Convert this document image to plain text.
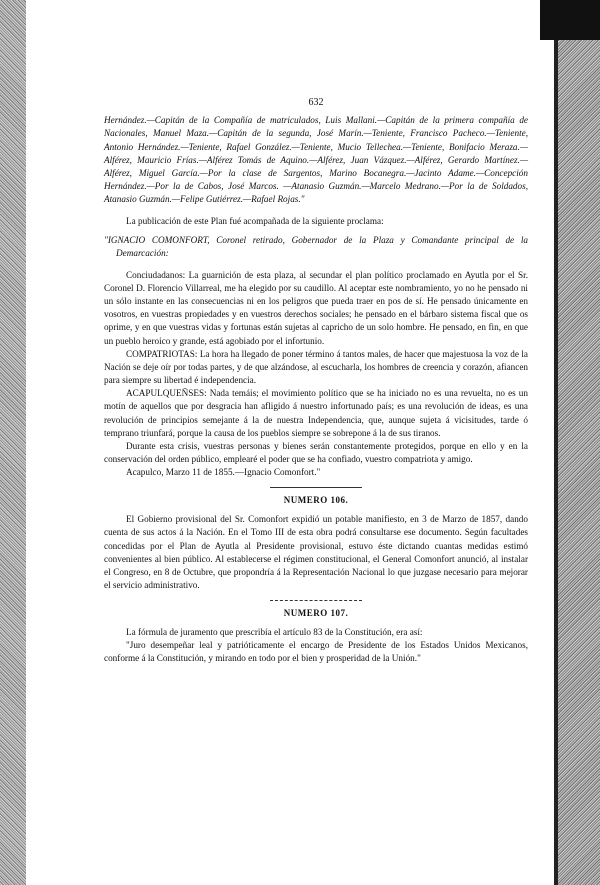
632

Hernández.—Capitán de la Compañía de matriculados, Luis Mallani.—Capitán de la primera compañía de Nacionales, Manuel Maza.—Capitán de la segunda, José Marín.—Teniente, Francisco Pacheco.—Teniente, Antonio Hernández.—Teniente, Rafael González.—Teniente, Mucio Tellechea.—Teniente, Bonifacio Meraza.—Alférez, Mauricio Frías.—Alférez Tomás de Aquino.—Alférez, Juan Vázquez.—Alférez, Gerardo Martínez.—Alférez, Miguel García.—Por la clase de Sargentos, Marino Bocanegra.—Jacinto Adame.—Concepción Hernández.—Por la de Cabos, José Marcos. —Atanasio Guzmán.—Marcelo Medrano.—Por la de Soldados, Atanasio Guzmán.—Felipe Gutiérrez.—Rafael Rojas."

La publicación de este Plan fué acompañada de la siguiente proclama:

"IGNACIO COMONFORT, Coronel retirado, Gobernador de la Plaza y Comandante principal de la Demarcación:

Conciudadanos: La guarnición de esta plaza, al secundar el plan político proclamado en Ayutla por el Sr. Coronel D. Florencio Villarreal, me ha elegido por su caudillo. Al aceptar este nombramiento, yo no he pensado ni un sólo instante en las consecuencias ni en los peligros que pueda traer en pos de sí. He pensado únicamente en vosotros, en vuestras propiedades y en vuestros derechos sociales; he pensado en el bárbaro sistema fiscal que os oprime, y en que vuestras vidas y fortunas están sujetas al capricho de un solo hombre. He pensado, en fin, en que un pueblo heroico y grande, está agobiado por el infortunio.

COMPATRIOTAS: La hora ha llegado de poner término á tantos males, de hacer que majestuosa la voz de la Nación se deje oír por todas partes, y de que alzándose, al escucharla, los hombres de creencia y corazón, afiancen para siempre su libertad é independencia.

ACAPULQUEÑSES: Nada temáis; el movimiento político que se ha iniciado no es una revuelta, no es un motín de aquellos que por desgracia han afligido á nuestro infortunado país; es una revolución de ideas, es una revolución de principios semejante á la de nuestra Independencia, que, aunque sujeta á vicisitudes, tarde ó temprano triunfará, porque la causa de los pueblos siempre se sobrepone á la de sus tiranos.

Durante esta crisis, vuestras personas y bienes serán constantemente protegidos, porque en ello y en la conservación del orden público, emplearé el poder que se ha confiado, vuestro compatriota y amigo.

Acapulco, Marzo 11 de 1855.—Ignacio Comonfort."

NUMERO 106.

El Gobierno provisional del Sr. Comonfort expidió un potable manifiesto, en 3 de Marzo de 1857, dando cuenta de sus actos á la Nación. En el Tomo III de esta obra podrá consultarse ese documento. Según facultades concedidas por el Plan de Ayutla al Presidente provisional, estuvo éste dictando cuantas medidas estimó convenientes al bien público. Al establecerse el régimen constitucional, el General Comonfort anunció, al instalar el Congreso, en 8 de Octubre, que propondría á la Representación Nacional lo que juzgase necesario para mejorar el servicio administrativo.

NUMERO 107.

La fórmula de juramento que prescribía el artículo 83 de la Constitución, era así:

"Juro desempeñar leal y patrióticamente el encargo de Presidente de los Estados Unidos Mexicanos, conforme á la Constitución, y mirando en todo por el bien y prosperidad de la Unión."
